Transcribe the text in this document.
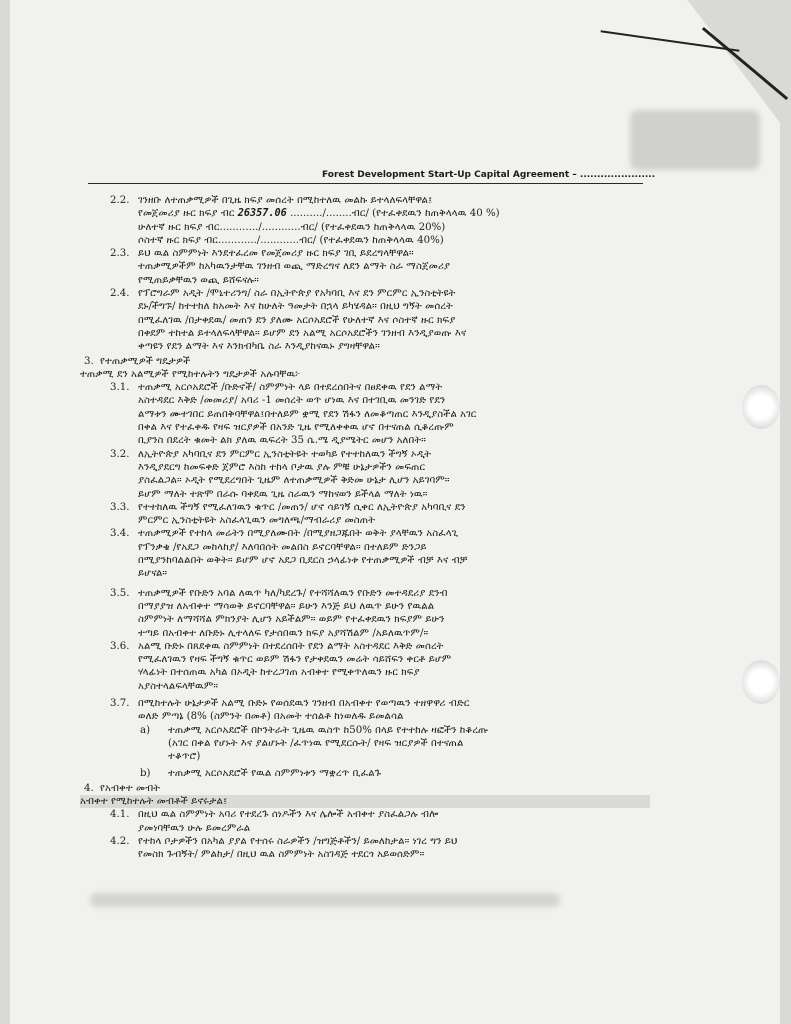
Forest Development Start-Up Capital Agreement – ......................
2.2. ገንዘቡ ለተጠቃሚዎች በጊዜ ክፍያ መሰረት በሚከተለዉ መልኩ ይተላለፍላቸዋል፤
የመጀመሪያ ዙር ክፍያ ብር 26357.06 ........../........ብር/ (የተፈቀደዉን ከጠቅላላዉ 40 %)
ሁለተኛ ዙር ክፍያ ብር............/............ብር/ (የተፈቀደዉን ከጠቅላላዉ 20%)
ሶስተኛ ዙር ክፍያ ብር............/............ብር/ (የተፈቀደዉን ከጠቅላላዉ 40%)
2.3. ይህ ዉል ስምምነት እንደተፈረመ የመጀመሪያ ዙር ክፍያ ገቢ ይደረግላቸዋል።
ተጠቃሚዎችም ከአካዉንታቸዉ ገንዘብ ወጪ ማድረግና ለደን ልማት ስራ ማስጀመሪያ
የሚጠይቃቸዉን ወጪ ይሸፍናሉ።
2.4. የፕሮግራም አዲት /ሞኒተሪንግ/ ስራ በኢትዮጵያ የአካባቢ እና ደን ምርምር ኢንስቲትዩት
ደኑ/ችግኙ/ ከተተከለ ከአመት እና ከሁለት ዓመታት በኋላ ይካሄዳል። በዚህ ግኝት መሰረት
በሚፈለገዉ /በታቀደዉ/ መጠን ደን ያለሙ አርሶአደሮች የሁለተኛ እና ሶስተኛ ዙር ክፍያ
በቀደም ተከተል ይተላለፍላቸዋል። ይሆም ደን አልሚ አርሶአደሮችን ገንዘብ እንዲያወጡ እና
ቀጣዩን የደን ልማት እና እንክብካቤ ስራ እንዲያከናዉኑ ያግዛቸዋል።
3. የተጠቃሚዎች ግዴታዎች
ተጠቃሚ ደን አልሚዎች የሚከተሉትን ግዴታዎች አሉባቸዉ፦
3.1. ተጠቃሚ አርሶአደሮች /ቡድኖች/ ስምምነት ላይ በተደረሰበትና በፀደቀዉ የደን ልማት
አስተዳደር እቅድ /መመሪያ/ አባሪ -1 መሰረት ወጥ ሆነዉ እና በተገቢዉ መንገድ የደን
ልማቱን ሙተገበር ይጠበቅባቸዋል፤በተለይም ቋሚ የደን ሽፋን ለመቆጣጠር እንዲያስችል አገር
በቀል እና የተፈቀዱ የዛፍ ዝርያዎች በአንድ ጊዜ የሚለቀቀዉ ሆኖ በተናጠል ሲቆረጡም
ቢያንስ በደረት ቁመት ልክ ያለዉ ዉፍረት 35 ሴ.ሜ ዲያሜትር መሆን አለበት።
3.2. ለኢትዮጵያ አካባቢና ደን ምርምር ኢንስቲትዩት ተወካይ የተተከለዉን ችግኝ ኦዲት
እንዲያደርግ ከመፍቀድ ጀምሮ እስከ ተከላ ቦታዉ ያሉ ምቹ ሁኔታዎችን መፍጠር
ያስፈልጋል። ኦዲት የሚደረግበት ጊዜም ለተጠቃሚዎች ቅድመ ሁኔታ ሊሆን አይገባም።
ይሆም ማለት ተጽሞ በራሱ ባቀደዉ ጊዜ ስራዉን ማከናወን ይችላል ማለት ነዉ።
3.3. የተተከለዉ ችግኝ የሚፈለገዉን ቁጥር /መጠን/ ሆኖ ሳይገኝ ሲቀር ለኢትዮጵያ አካባቢና ደን
ምርምር ኢንስቲትዩት አስፈላጊዉን መግለጫ/ማብራሪያ መስጠት
3.4. ተጠቃሚዎች የተከላ መሬትን በሚያለሙበት /በሚያዘጋጁበት ወቅት ያላቸዉን አስፈላጊ
የፕንቃቄ /የአደጋ መከላከያ/ እለባበሰት መልበስ ይኖርባቸዋል። በተለይም ድንጋይ
በሚያንከባልልበት ወቅት። ይሆም ሆኖ አደጋ ቢደርስ ኃላፊነቱ የተጠቃሚዎች ብቻ እና ብቻ
ይሆናል።
3.5. ተጠቃሚዎች የቡድን አባል ለዉጥ ካለ/ካደረጉ/ የተሻሻለዉን የቡድን መተዳደሪያ ደንብ
በማያያዝ ለአብቀተ ማሳወቅ ይኖርባቸዋል። ይሁን እንጅ ይህ ለዉጥ ይሁን የዉልል
ስምምነት ለማሻሻል ምክንያት ሊሆን አይችልም። ወይም የተፈቀደዉን ክፍያም ይሁን
ተጣይ በአብቀተ ለቡድኑ ሊተላለፍ የታሰበዉን ክፍያ አያሻሽልም /አይለዉጥም/።
3.6. አልሚ ቡድኑ በጸደቀዉ ስምምነት በተደረሰበት የደን ልማት አስተዳደር እቅድ መሰረት
የሚፈለገዉን የዛፍ ችግኝ ቁጥር ወይም ሽፋን የታቀደዉን መሬት ሳይሸፍን ቀርቶ ይሆም
ሃላፊነት በተሰጠዉ አካል በኦዲት ከተረጋገጠ አብቀተ የሚቀጥለዉን ዙር ክፍያ
አያስተላልፍላቸዉም።
3.7. በሚከተሉት ሁኔታዎች አልሚ ቡድኑ የወሰደዉን ገንዘብ በአብቀተ የወጣዉን ተዘዋዋሪ ብድር
ወለድ ምጣኔ (8% (ስምንት በመቶ) በአመት ተሰልቶ ከነወለዱ ይመልሳል
a) ተጠቃሚ አርሶአደሮች በኮንትራት ጊዜዉ ዉስጥ ከ50% በላይ የተተከሉ ዛፎችን ከቆረጡ
(አገር በቀል የሆኑት እና ያልሆኑት /ፈጥነዉ የሚደርሱት/ የዛፍ ዝርያዎች በተናጠል
ተቆጥሮ)
b) ተጠቃሚ አርሶአደሮች የዉል ስምምነቱን ማቋረጥ ቢፈልጉ
4. የአብቀተ መብት
አብቀተ የሚከተሉት መብቶች ይኖሩታል፤
4.1. በዚህ ዉል ስምምነት አባሪ የተደረጉ ሰነዶችን እና ሌሎች አብቀተ ያስፈልጋሉ ብሎ
ያመነባቸዉን ሁሉ ይመረምራል
4.2. የተከላ ቦታዎችን በአካል ያያል የተሰሩ ስራዎችን /ዝግጅቶችን/ ይመለከታል። ነገረ ግን ይህ
የመስክ ጉብኝት/ ምልከታ/ በዚህ ዉል ስምምነት አስገዳጅ ተደርጎ አይወሰድም።
